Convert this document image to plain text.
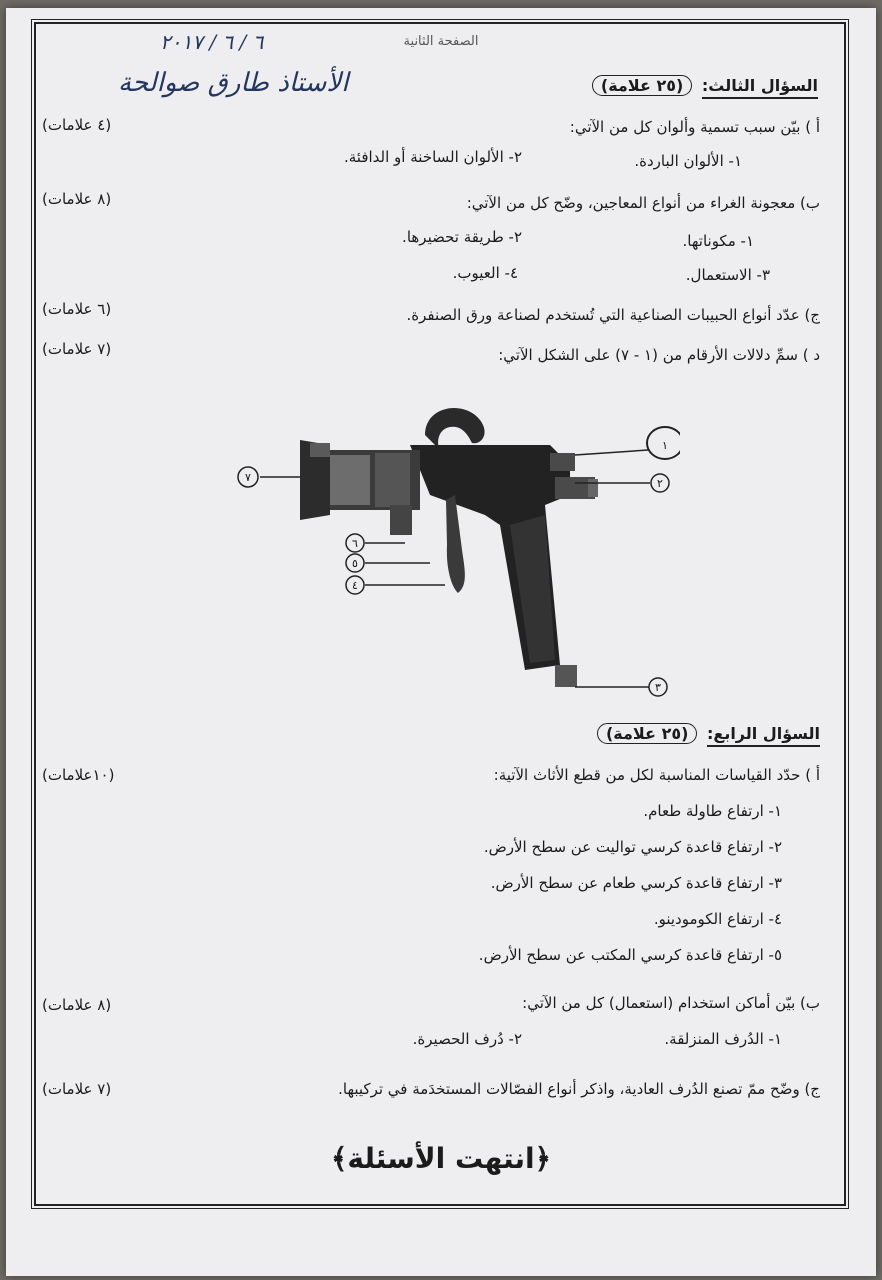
الصفحة الثانية
٦ / ٦ / ٢٠١٧
الأستاذ طارق صوالحة	السؤال الثالث: (٢٥ علامة)
أ ) بيّن سبب تسمية وألوان كل من الآتي:
(٤ علامات)
١- الألوان الباردة.
٢- الألوان الساخنة أو الدافئة.
ب) معجونة الغراء من أنواع المعاجين، وضّح كل من الآتي:
(٨ علامات)
١- مكوناتها.
٢- طريقة تحضيرها.
٣- الاستعمال.
٤- العيوب.
ج) عدّد أنواع الحبيبات الصناعية التي تُستخدم لصناعة ورق الصنفرة.
(٦ علامات)
د ) سمِّ دلالات الأرقام من (١ - ٧) على الشكل الآتي:
(٧ علامات)
١
٢
٣
٤
٥
٦
٧
السؤال الرابع: (٢٥ علامة)
أ ) حدّد القياسات المناسبة لكل من قطع الأثاث الآتية:
(١٠علامات)
١- ارتفاع طاولة طعام.
٢- ارتفاع قاعدة كرسي تواليت عن سطح الأرض.
٣- ارتفاع قاعدة كرسي طعام عن سطح الأرض.
٤- ارتفاع الكومودينو.
٥- ارتفاع قاعدة كرسي المكتب عن سطح الأرض.
ب) بيّن أماكن استخدام (استعمال) كل من الآتي:
(٨ علامات)
١- الدُرف المنزلقة.
٢- دُرف الحصيرة.
ج) وضّح ممّ تصنع الدُرف العادية، واذكر أنواع الفصّالات المستخدَمة في تركيبها.
(٧ علامات)
﴿انتهت الأسئلة﴾
